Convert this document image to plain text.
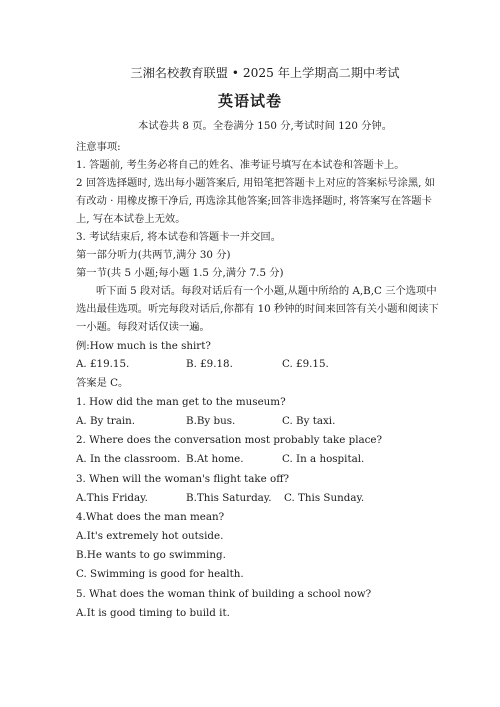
三湘名校教育联盟 • 2025 年上学期高二期中考试
英语试卷
本试卷共 8 页。全卷满分 150 分,考试时间 120 分钟。
注意事项:
1. 答题前, 考生务必将自己的姓名、准考证号填写在本试卷和答题卡上。
2 回答选择题时, 选出每小题答案后, 用铅笔把答题卡上对应的答案标号涂黑, 如
有改动 · 用橡皮擦干净后, 再选涂其他答案;回答非选择题时, 将答案写在答题卡
上, 写在本试卷上无效。
3. 考试结束后, 将本试卷和答题卡一并交回。
第一部分听力(共两节,满分 30 分)
第一节(共 5 小题;每小题 1.5 分,满分 7.5 分)
听下面 5 段对话。每段对话后有一个小题,从题中所给的 A,B,C 三个选项中
选出最佳选项。听完每段对话后,你都有 10 秒钟的时间来回答有关小题和阅读下
一小题。每段对话仅读一遍。
例:How much is the shirt?
A. £19.15.	B. £9.18.	C. £9.15.
答案是 C。
1. How did the man get to the museum?
A. By train.	B.By bus.	C. By taxi.
2. Where does the conversation most probably take place?
A. In the classroom. B.At home.	C. In a hospital.
3. When will the woman's flight take off?
A.This Friday.	B.This Saturday. C. This Sunday.
4.What does the man mean?
A.It's extremely hot outside.
B.He wants to go swimming.
C. Swimming is good for health.
5. What does the woman think of building a school now?
A.It is good timing to build it.
